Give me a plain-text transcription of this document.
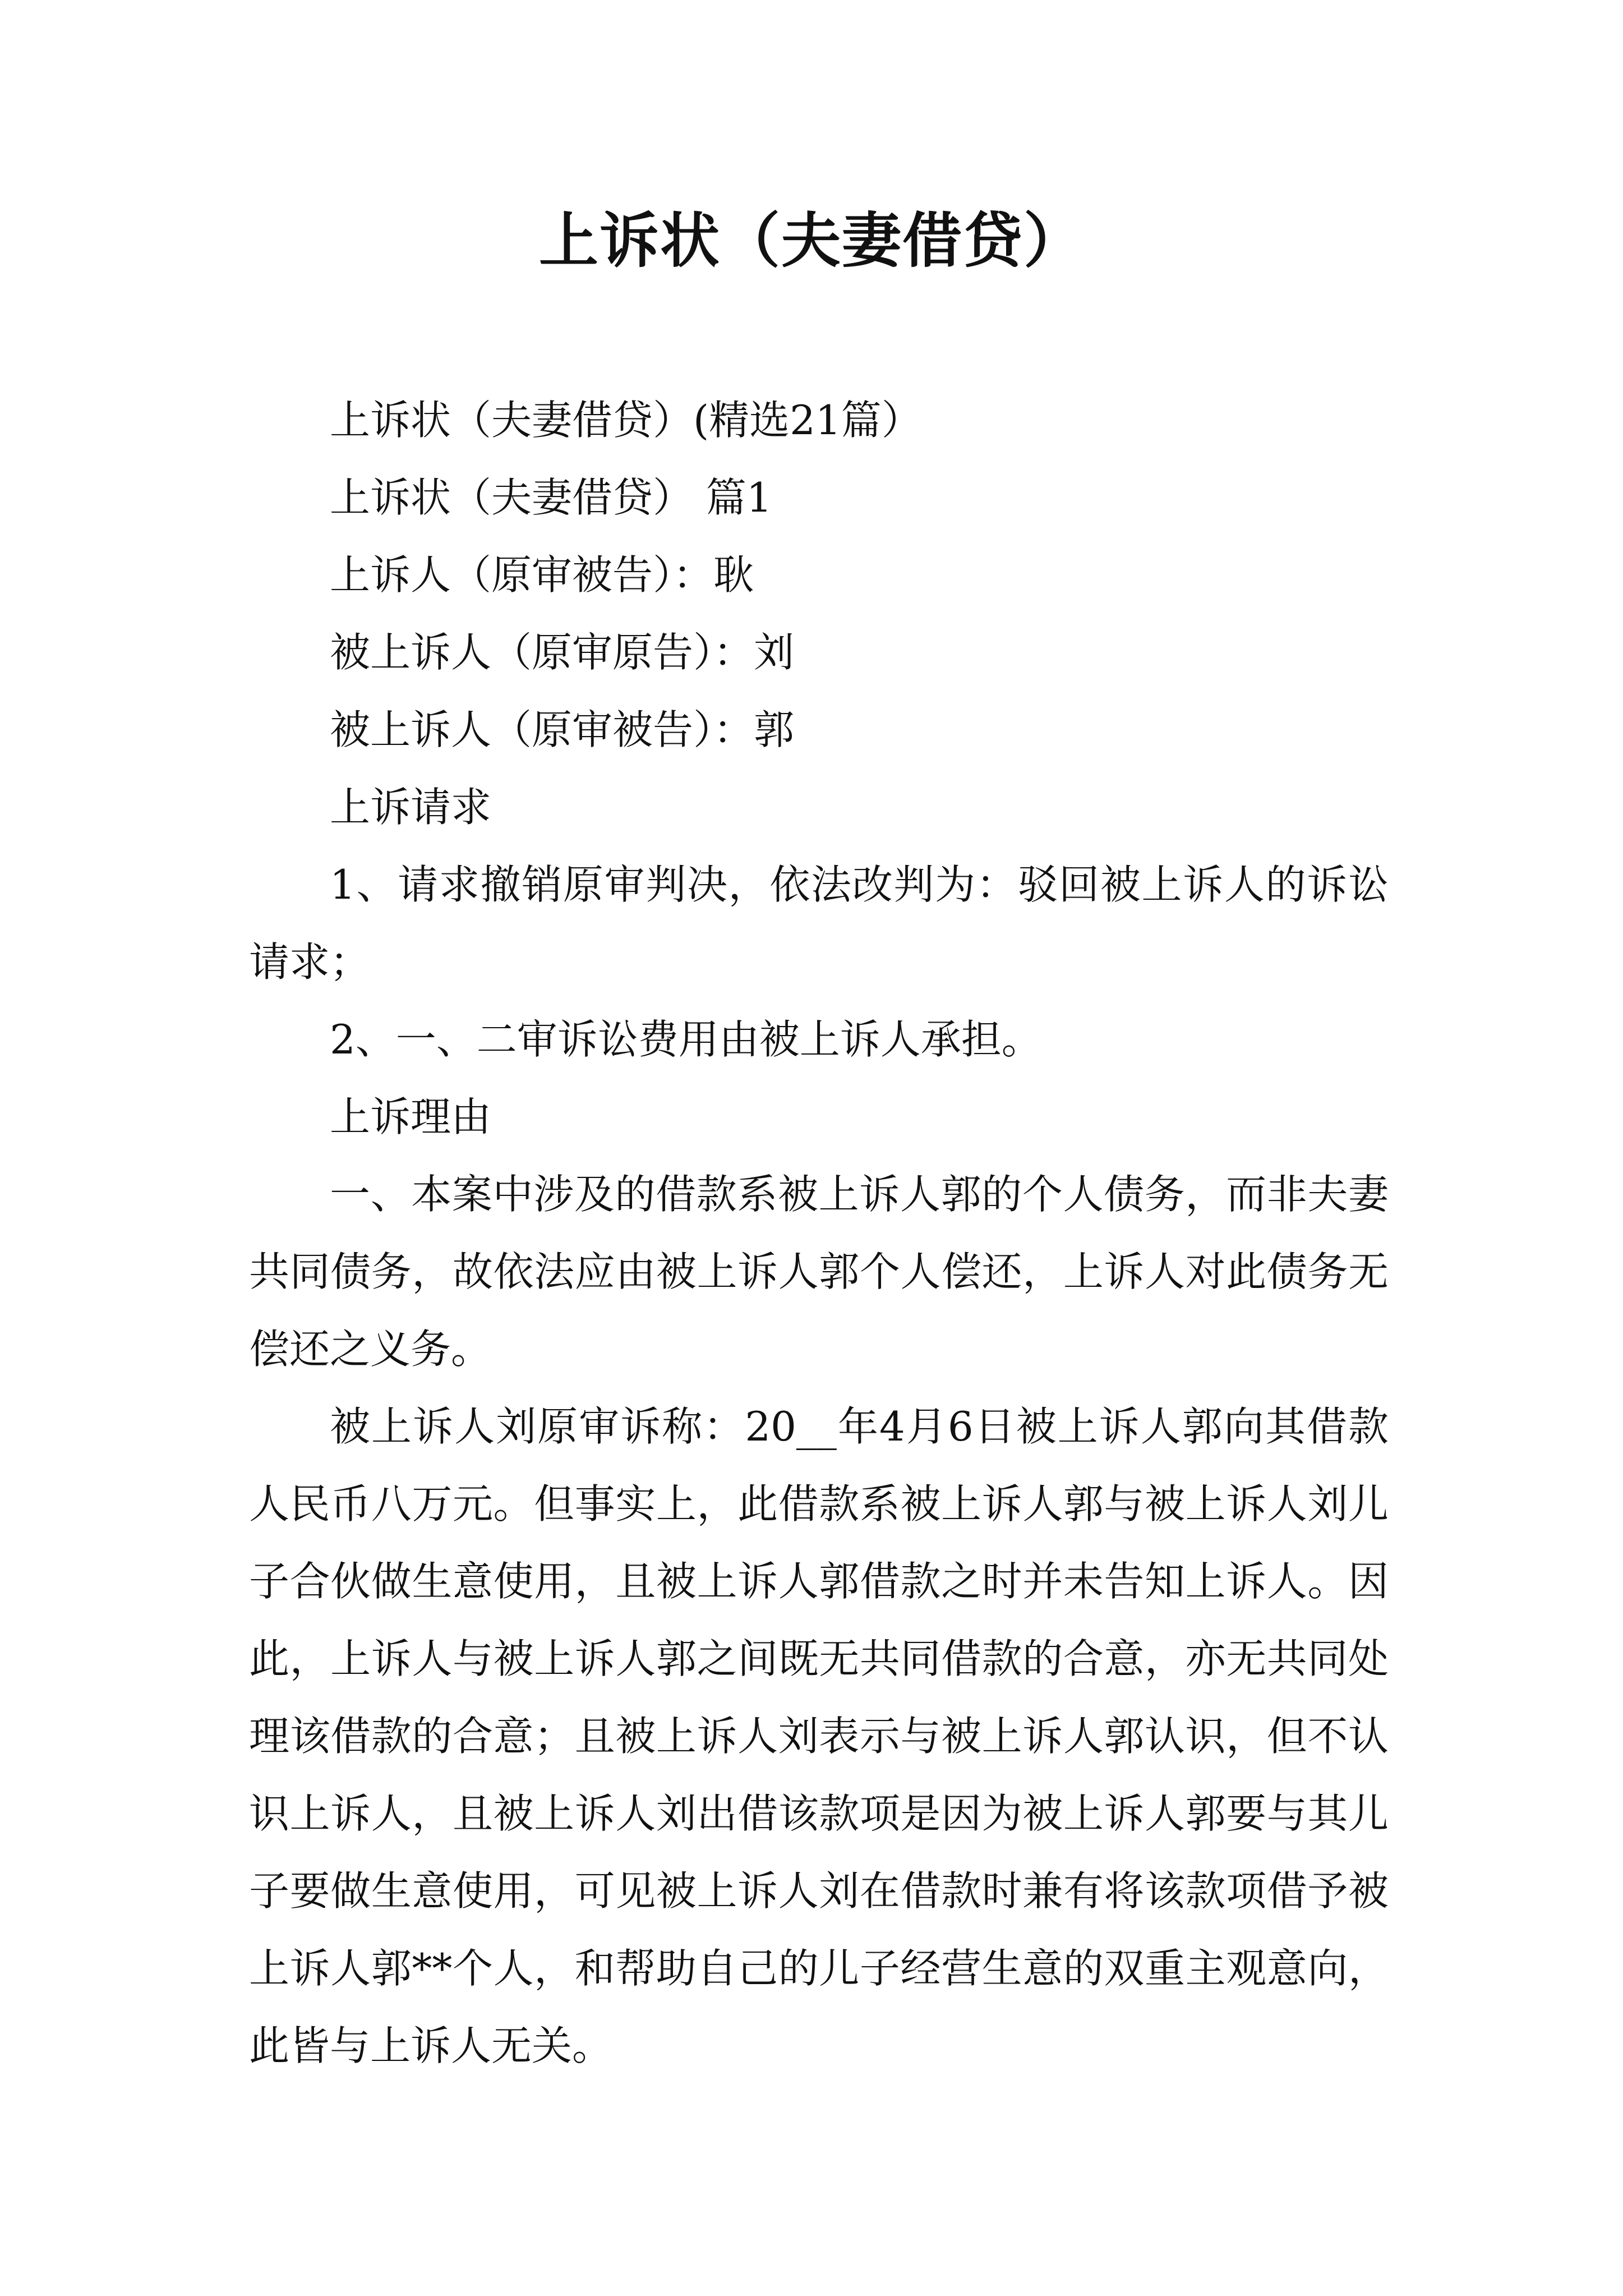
上诉状（夫妻借贷）

上诉状（夫妻借贷）(精选21篇）

上诉状（夫妻借贷） 篇1

上诉人（原审被告）：耿

被上诉人（原审原告）：刘

被上诉人（原审被告）：郭

上诉请求

1、请求撤销原审判决，依法改判为：驳回被上诉人的诉讼请求；

2、一、二审诉讼费用由被上诉人承担。

上诉理由

一、本案中涉及的借款系被上诉人郭的个人债务，而非夫妻共同债务，故依法应由被上诉人郭个人偿还，上诉人对此债务无偿还之义务。

被上诉人刘原审诉称：20__年4月6日被上诉人郭向其借款人民币八万元。但事实上，此借款系被上诉人郭与被上诉人刘儿子合伙做生意使用，且被上诉人郭借款之时并未告知上诉人。因此，上诉人与被上诉人郭之间既无共同借款的合意，亦无共同处理该借款的合意；且被上诉人刘表示与被上诉人郭认识，但不认识上诉人，且被上诉人刘出借该款项是因为被上诉人郭要与其儿子要做生意使用，可见被上诉人刘在借款时兼有将该款项借予被上诉人郭**个人，和帮助自己的儿子经营生意的双重主观意向，此皆与上诉人无关。
